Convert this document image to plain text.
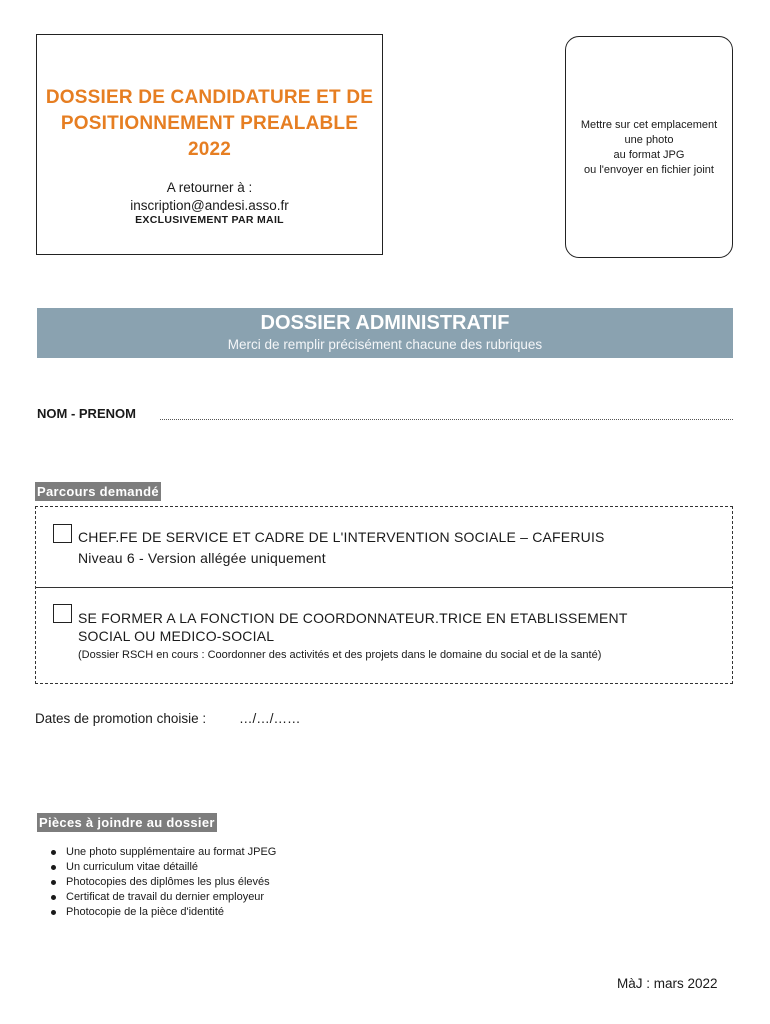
DOSSIER DE CANDIDATURE ET DE
POSITIONNEMENT PREALABLE
2022
A retourner à :
inscription@andesi.asso.fr
EXCLUSIVEMENT PAR MAIL
Mettre sur cet emplacement
une photo
au format JPG
ou l'envoyer en fichier joint
DOSSIER ADMINISTRATIF
Merci de remplir précisément chacune des rubriques
NOM - PRENOM
Parcours demandé
CHEF.FE DE SERVICE ET CADRE DE L'INTERVENTION SOCIALE – CAFERUIS
Niveau 6 - Version allégée uniquement
SE FORMER A LA FONCTION DE COORDONNATEUR.TRICE EN ETABLISSEMENT
SOCIAL OU MEDICO-SOCIAL
(Dossier RSCH en cours : Coordonner des activités et des projets dans le domaine du social et de la santé)
Dates de promotion choisie : …/…/……
Pièces à joindre au dossier
Une photo supplémentaire au format JPEG
Un curriculum vitae détaillé
Photocopies des diplômes les plus élevés
Certificat de travail du dernier employeur
Photocopie de la pièce d'identité
MàJ : mars 2022
